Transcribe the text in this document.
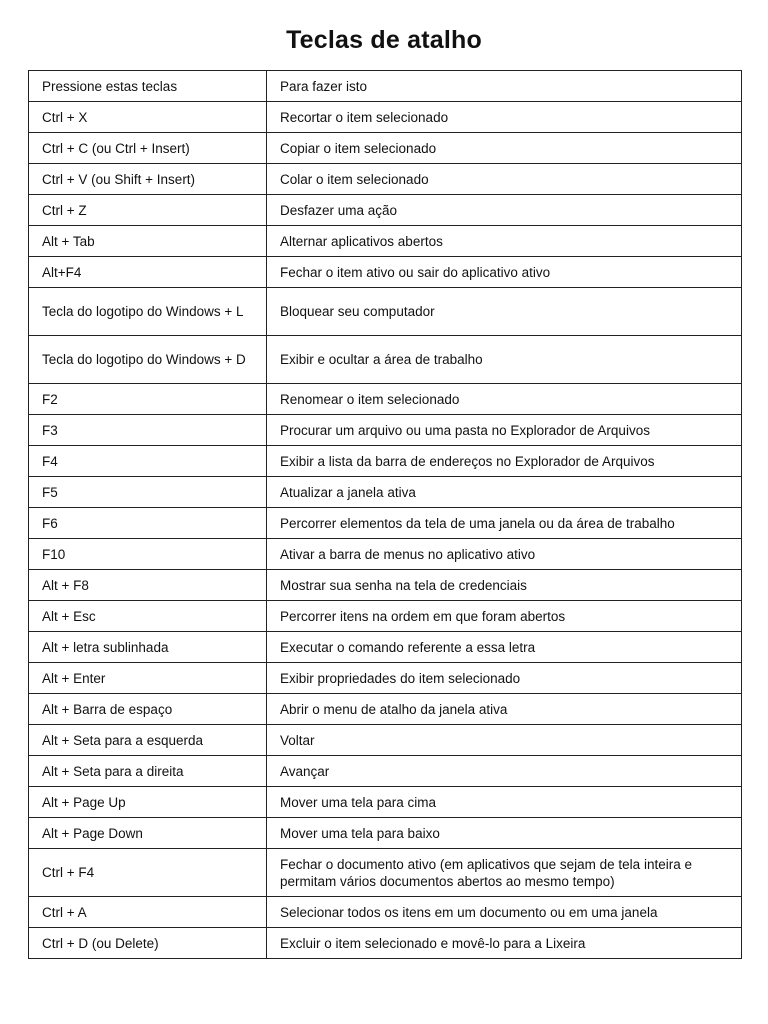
Teclas de atalho
Pressione estas teclas	Para fazer isto
Ctrl + X	Recortar o item selecionado
Ctrl + C (ou Ctrl + Insert)	Copiar o item selecionado
Ctrl + V (ou Shift + Insert)	Colar o item selecionado
Ctrl + Z	Desfazer uma ação
Alt + Tab	Alternar aplicativos abertos
Alt+F4	Fechar o item ativo ou sair do aplicativo ativo
Tecla do logotipo do Windows + L	Bloquear seu computador
Tecla do logotipo do Windows + D	Exibir e ocultar a área de trabalho
F2	Renomear o item selecionado
F3	Procurar um arquivo ou uma pasta no Explorador de Arquivos
F4	Exibir a lista da barra de endereços no Explorador de Arquivos
F5	Atualizar a janela ativa
F6	Percorrer elementos da tela de uma janela ou da área de trabalho
F10	Ativar a barra de menus no aplicativo ativo
Alt + F8	Mostrar sua senha na tela de credenciais
Alt + Esc	Percorrer itens na ordem em que foram abertos
Alt + letra sublinhada	Executar o comando referente a essa letra
Alt + Enter	Exibir propriedades do item selecionado
Alt + Barra de espaço	Abrir o menu de atalho da janela ativa
Alt + Seta para a esquerda	Voltar
Alt + Seta para a direita	Avançar
Alt + Page Up	Mover uma tela para cima
Alt + Page Down	Mover uma tela para baixo
Ctrl + F4	Fechar o documento ativo (em aplicativos que sejam de tela inteira e permitam vários documentos abertos ao mesmo tempo)
Ctrl + A	Selecionar todos os itens em um documento ou em uma janela
Ctrl + D (ou Delete)	Excluir o item selecionado e movê-lo para a Lixeira
